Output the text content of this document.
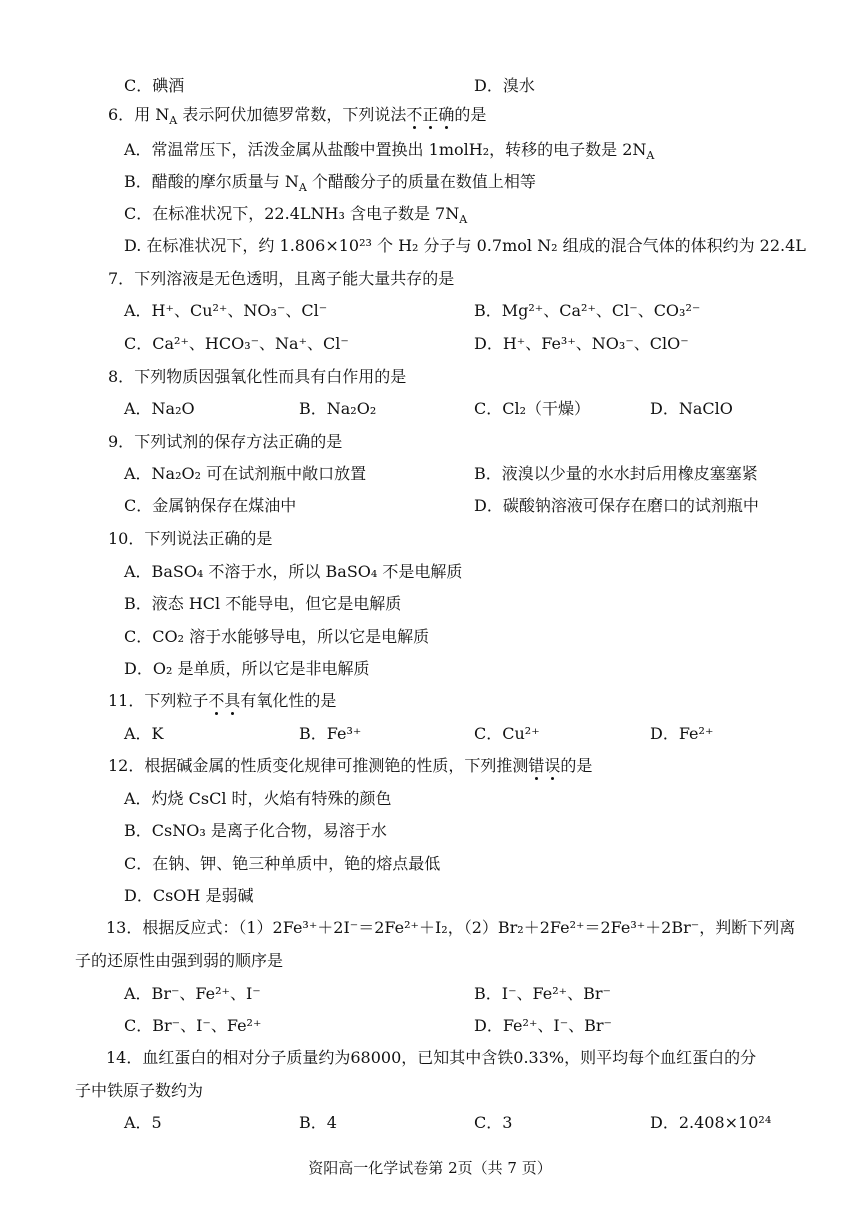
C．碘酒	D．溴水
6．用 $N_A$ 表示阿伏加德罗常数，下列说法不正确的是
A．常温常压下，活泼金属从盐酸中置换出 1molH₂，转移的电子数是 $2N_A$
B．醋酸的摩尔质量与 $N_A$ 个醋酸分子的质量在数值上相等
C．在标准状况下，22.4LNH₃ 含电子数是 $7N_A$
D. 在标准状况下，约 1.806×10²³ 个 H₂ 分子与 0.7mol N₂ 组成的混合气体的体积约为 22.4L
7．下列溶液是无色透明，且离子能大量共存的是
A．H⁺、Cu²⁺、NO₃⁻、Cl⁻	B．Mg²⁺、Ca²⁺、Cl⁻、CO₃²⁻
C．Ca²⁺、HCO₃⁻、Na⁺、Cl⁻	D．H⁺、Fe³⁺、NO₃⁻、ClO⁻
8．下列物质因强氧化性而具有白作用的是
A．Na₂O	B．Na₂O₂	C．Cl₂（干燥）	D．NaClO
9．下列试剂的保存方法正确的是
A．Na₂O₂ 可在试剂瓶中敞口放置	B．液溴以少量的水水封后用橡皮塞塞紧
C．金属钠保存在煤油中	D．碳酸钠溶液可保存在磨口的试剂瓶中
10．下列说法正确的是
A．BaSO₄ 不溶于水，所以 BaSO₄ 不是电解质
B．液态 HCl 不能导电，但它是电解质
C．CO₂ 溶于水能够导电，所以它是电解质
D．O₂ 是单质，所以它是非电解质
11．下列粒子不具有氧化性的是
A．K	B．Fe³⁺	C．Cu²⁺	D．Fe²⁺
12．根据碱金属的性质变化规律可推测铯的性质，下列推测错误的是
A．灼烧 CsCl 时，火焰有特殊的颜色
B．CsNO₃ 是离子化合物，易溶于水
C．在钠、钾、铯三种单质中，铯的熔点最低
D．CsOH 是弱碱
13．根据反应式：（1）2Fe³⁺＋2I⁻＝2Fe²⁺＋I₂，（2）Br₂＋2Fe²⁺＝2Fe³⁺＋2Br⁻，判断下列离
子的还原性由强到弱的顺序是
A．Br⁻、Fe²⁺、I⁻	B．I⁻、Fe²⁺、Br⁻
C．Br⁻、I⁻、Fe²⁺	D．Fe²⁺、I⁻、Br⁻
14．血红蛋白的相对分子质量约为68000，已知其中含铁0.33%，则平均每个血红蛋白的分
子中铁原子数约为
A．5	B．4	C．3	D．2.408×10²⁴
资阳高一化学试卷第 2页（共 7 页）
